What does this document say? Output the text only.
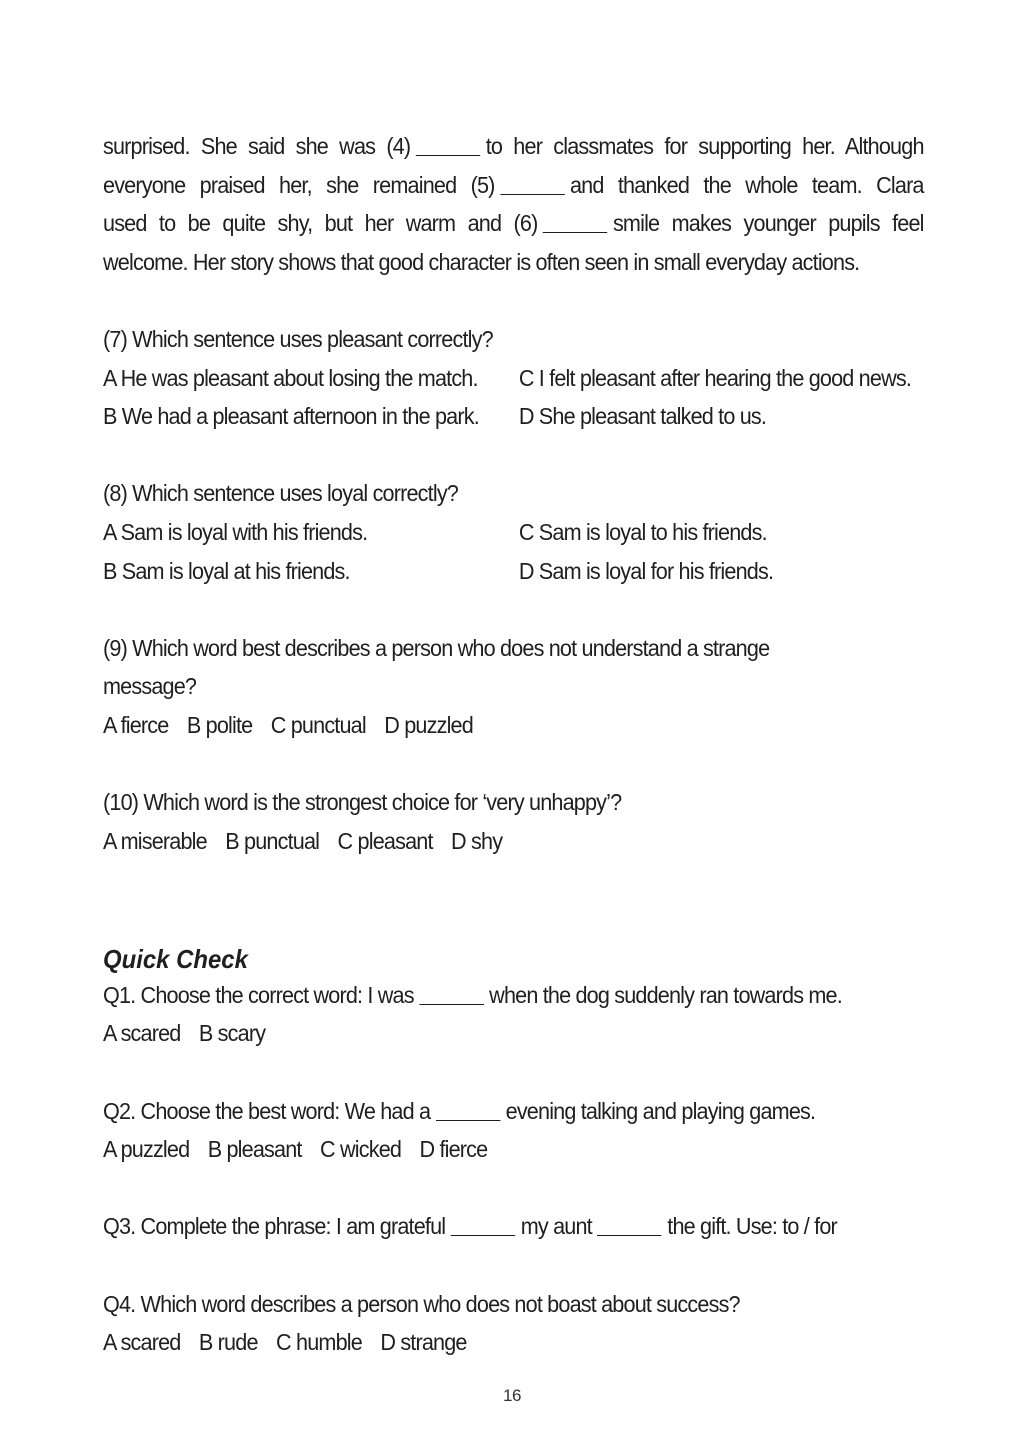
surprised. She said she was (4)	to her classmates for supporting her. Although
everyone praised her, she remained (5)	and thanked the whole team. Clara
used to be quite shy, but her warm and (6)	smile makes younger pupils feel
welcome. Her story shows that good character is often seen in small everyday actions.
(7) Which sentence uses pleasant correctly?
A He was pleasant about losing the match.	C I felt pleasant after hearing the good news.
B We had a pleasant afternoon in the park.	D She pleasant talked to us.
(8) Which sentence uses loyal correctly?
A Sam is loyal with his friends.	C Sam is loyal to his friends.
B Sam is loyal at his friends.	D Sam is loyal for his friends.
(9) Which word best describes a person who does not understand a strange
message?
A fierce B polite C punctual D puzzled
(10) Which word is the strongest choice for ‘very unhappy’?
A miserable B punctual C pleasant D shy
Quick Check
Q1. Choose the correct word: I was	when the dog suddenly ran towards me.
A scared B scary
Q2. Choose the best word: We had a	evening talking and playing games.
A puzzled B pleasant C wicked D fierce
Q3. Complete the phrase: I am grateful	my aunt	the gift. Use: to / for
Q4. Which word describes a person who does not boast about success?
A scared B rude C humble D strange
16
